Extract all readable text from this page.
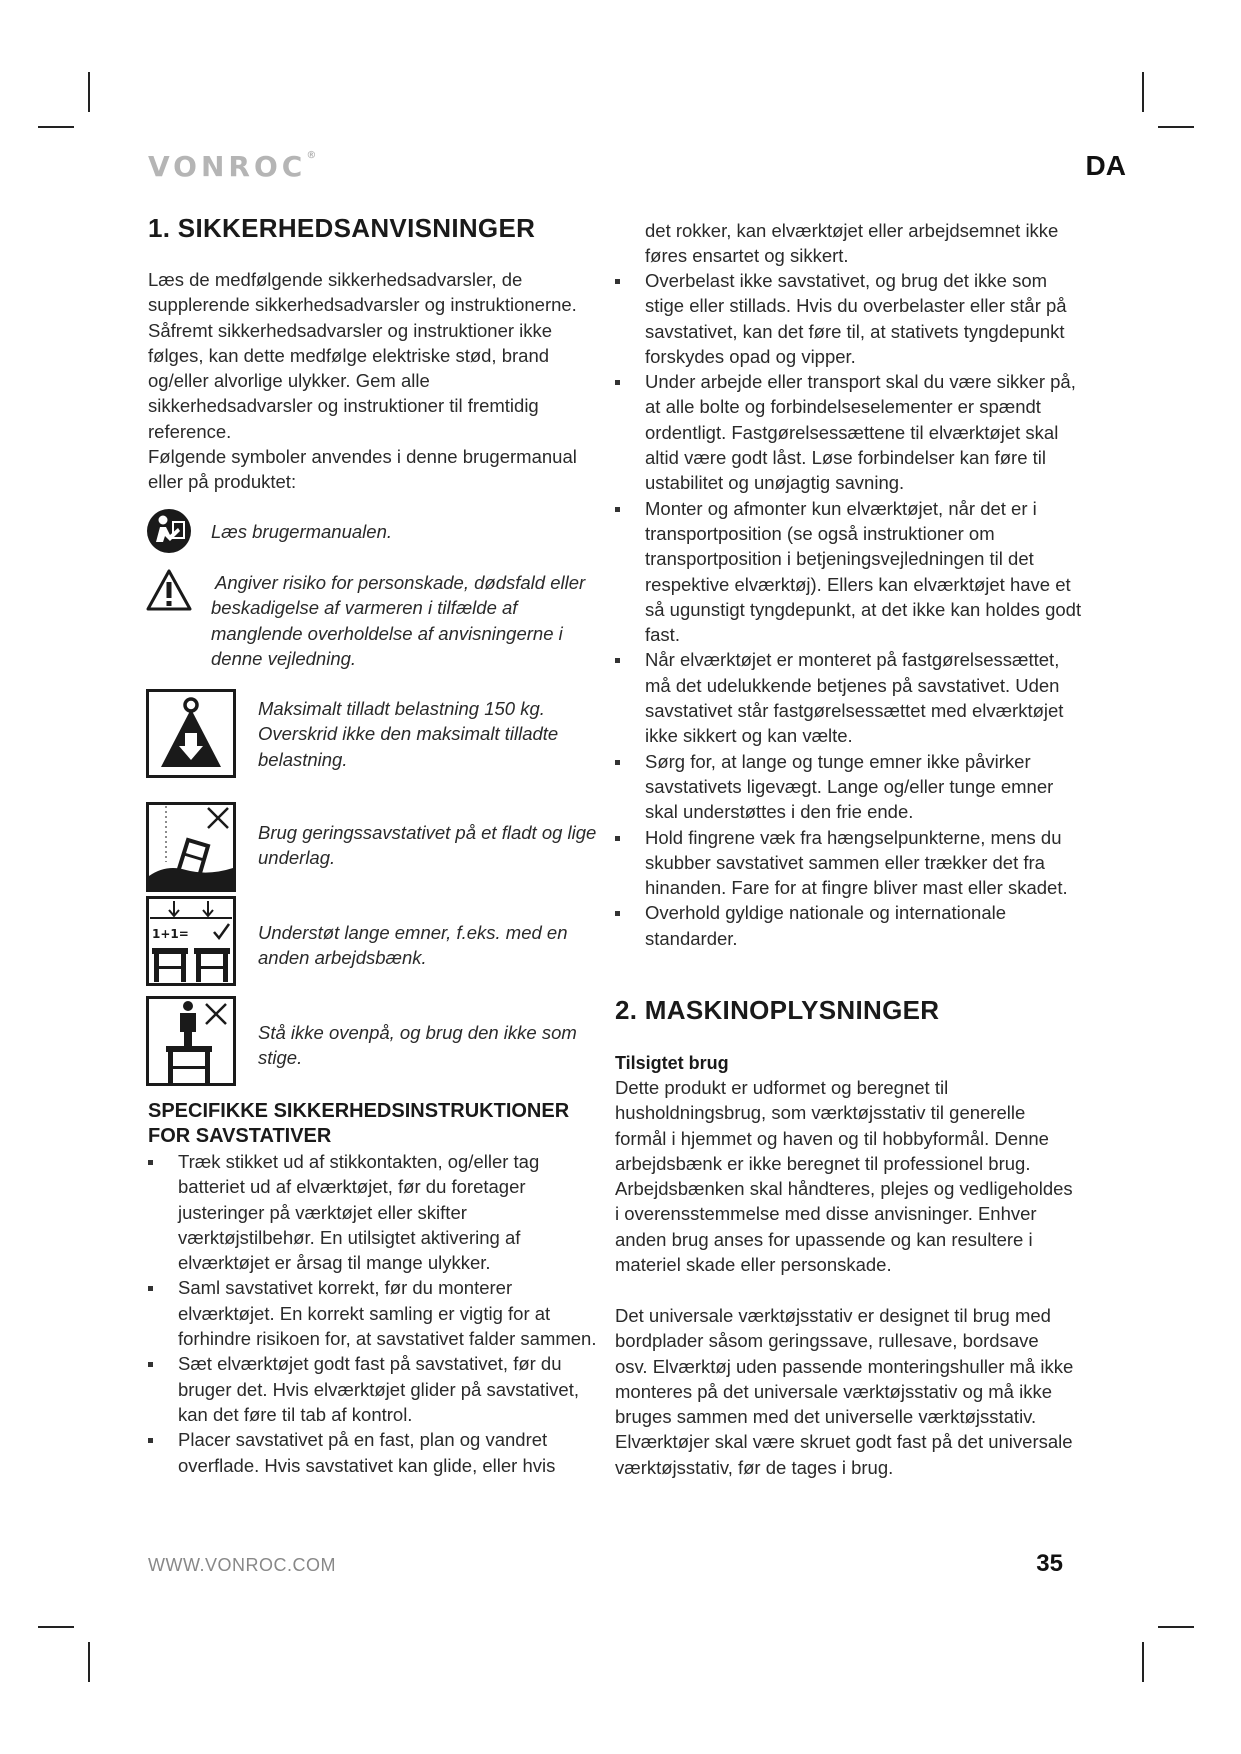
VONROC®	DA
1. SIKKERHEDSANVISNINGER

Læs de medfølgende sikkerhedsadvarsler, de supplerende sikkerhedsadvarsler og instruktionerne. Såfremt sikkerhedsadvarsler og instruktioner ikke følges, kan dette medfølge elektriske stød, brand og/eller alvorlige ulykker. Gem alle sikkerhedsadvarsler og instruktioner til fremtidig reference.

Følgende symboler anvendes i denne brugermanual eller på produktet:

Læs brugermanualen.

Angiver risiko for personskade, dødsfald eller beskadigelse af varmeren i tilfælde af manglende overholdelse af anvisningerne i denne vejledning.

Maksimalt tilladt belastning 150 kg. Overskrid ikke den maksimalt tilladte belastning.

Brug geringssavstativet på et fladt og lige underlag.

1+1=	Understøt lange emner, f.eks. med en anden arbejdsbænk.

Stå ikke ovenpå, og brug den ikke som stige.

SPECIFIKKE SIKKERHEDSINSTRUKTIONER FOR SAVSTATIVER
Træk stikket ud af stikkontakten, og/eller tag batteriet ud af elværktøjet, før du foretager justeringer på værktøjet eller skifter værktøjstilbehør. En utilsigtet aktivering af elværktøjet er årsag til mange ulykker.
Saml savstativet korrekt, før du monterer elværktøjet. En korrekt samling er vigtig for at forhindre risikoen for, at savstativet falder sammen.
Sæt elværktøjet godt fast på savstativet, før du bruger det. Hvis elværktøjet glider på savstativet, kan det føre til tab af kontrol.
Placer savstativet på en fast, plan og vandret overflade. Hvis savstativet kan glide, eller hvis

det rokker, kan elværktøjet eller arbejdsemnet ikke føres ensartet og sikkert.

Overbelast ikke savstativet, og brug det ikke som stige eller stillads. Hvis du overbelaster eller står på savstativet, kan det føre til, at stativets tyngdepunkt forskydes opad og vipper.
Under arbejde eller transport skal du være sikker på, at alle bolte og forbindelseselementer er spændt ordentligt. Fastgørelsessættene til elværktøjet skal altid være godt låst. Løse forbindelser kan føre til ustabilitet og unøjagtig savning.
Monter og afmonter kun elværktøjet, når det er i transportposition (se også instruktioner om transportposition i betjeningsvejledningen til det respektive elværktøj). Ellers kan elværktøjet have et så ugunstigt tyngdepunkt, at det ikke kan holdes godt fast.
Når elværktøjet er monteret på fastgørelsessættet, må det udelukkende betjenes på savstativet. Uden savstativet står fastgørelsessættet med elværktøjet ikke sikkert og kan vælte.
Sørg for, at lange og tunge emner ikke påvirker savstativets ligevægt. Lange og/eller tunge emner skal understøttes i den frie ende.
Hold fingrene væk fra hængselpunkterne, mens du skubber savstativet sammen eller trækker det fra hinanden. Fare for at fingre bliver mast eller skadet.
Overhold gyldige nationale og internationale standarder.
2. MASKINOPLYSNINGER
Tilsigtet brug

Dette produkt er udformet og beregnet til husholdningsbrug, som værktøjsstativ til generelle formål i hjemmet og haven og til hobbyformål. Denne arbejdsbænk er ikke beregnet til professionel brug. Arbejdsbænken skal håndteres, plejes og vedligeholdes i overensstemmelse med disse anvisninger. Enhver anden brug anses for upassende og kan resultere i materiel skade eller personskade.

Det universale værktøjsstativ er designet til brug med bordplader såsom geringssave, rullesave, bordsave osv. Elværktøj uden passende monteringshuller må ikke monteres på det universale værktøjsstativ og må ikke bruges sammen med det universelle værktøjsstativ. Elværktøjer skal være skruet godt fast på det universale værktøjsstativ, før de tages i brug.

WWW.VONROC.COM	35
